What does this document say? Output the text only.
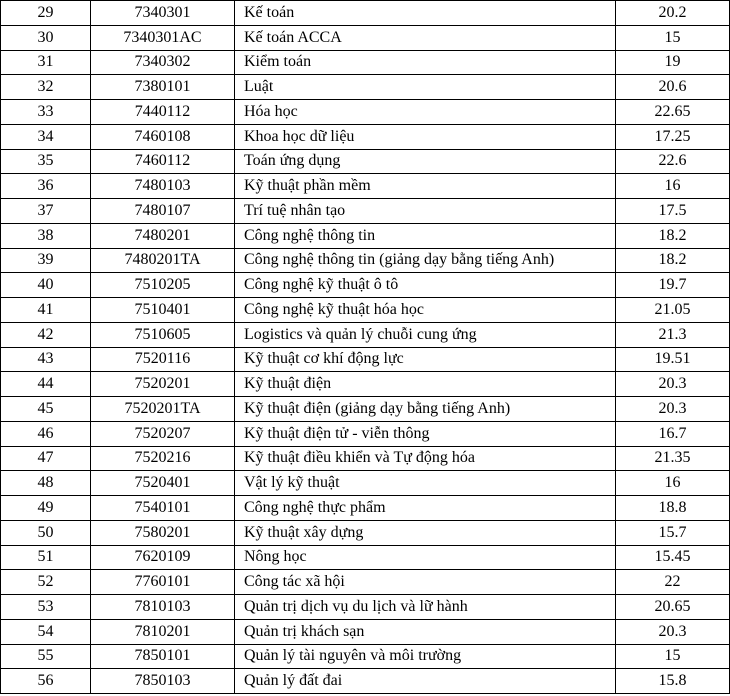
29	7340301	Kế toán	20.2
30	7340301AC	Kế toán ACCA	15
31	7340302	Kiểm toán	19
32	7380101	Luật	20.6
33	7440112	Hóa học	22.65
34	7460108	Khoa học dữ liệu	17.25
35	7460112	Toán ứng dụng	22.6
36	7480103	Kỹ thuật phần mềm	16
37	7480107	Trí tuệ nhân tạo	17.5
38	7480201	Công nghệ thông tin	18.2
39	7480201TA	Công nghệ thông tin (giảng dạy bằng tiếng Anh)	18.2
40	7510205	Công nghệ kỹ thuật ô tô	19.7
41	7510401	Công nghệ kỹ thuật hóa học	21.05
42	7510605	Logistics và quản lý chuỗi cung ứng	21.3
43	7520116	Kỹ thuật cơ khí động lực	19.51
44	7520201	Kỹ thuật điện	20.3
45	7520201TA	Kỹ thuật điện (giảng dạy bằng tiếng Anh)	20.3
46	7520207	Kỹ thuật điện tử - viễn thông	16.7
47	7520216	Kỹ thuật điều khiển và Tự động hóa	21.35
48	7520401	Vật lý kỹ thuật	16
49	7540101	Công nghệ thực phẩm	18.8
50	7580201	Kỹ thuật xây dựng	15.7
51	7620109	Nông học	15.45
52	7760101	Công tác xã hội	22
53	7810103	Quản trị dịch vụ du lịch và lữ hành	20.65
54	7810201	Quản trị khách sạn	20.3
55	7850101	Quản lý tài nguyên và môi trường	15
56	7850103	Quản lý đất đai	15.8
